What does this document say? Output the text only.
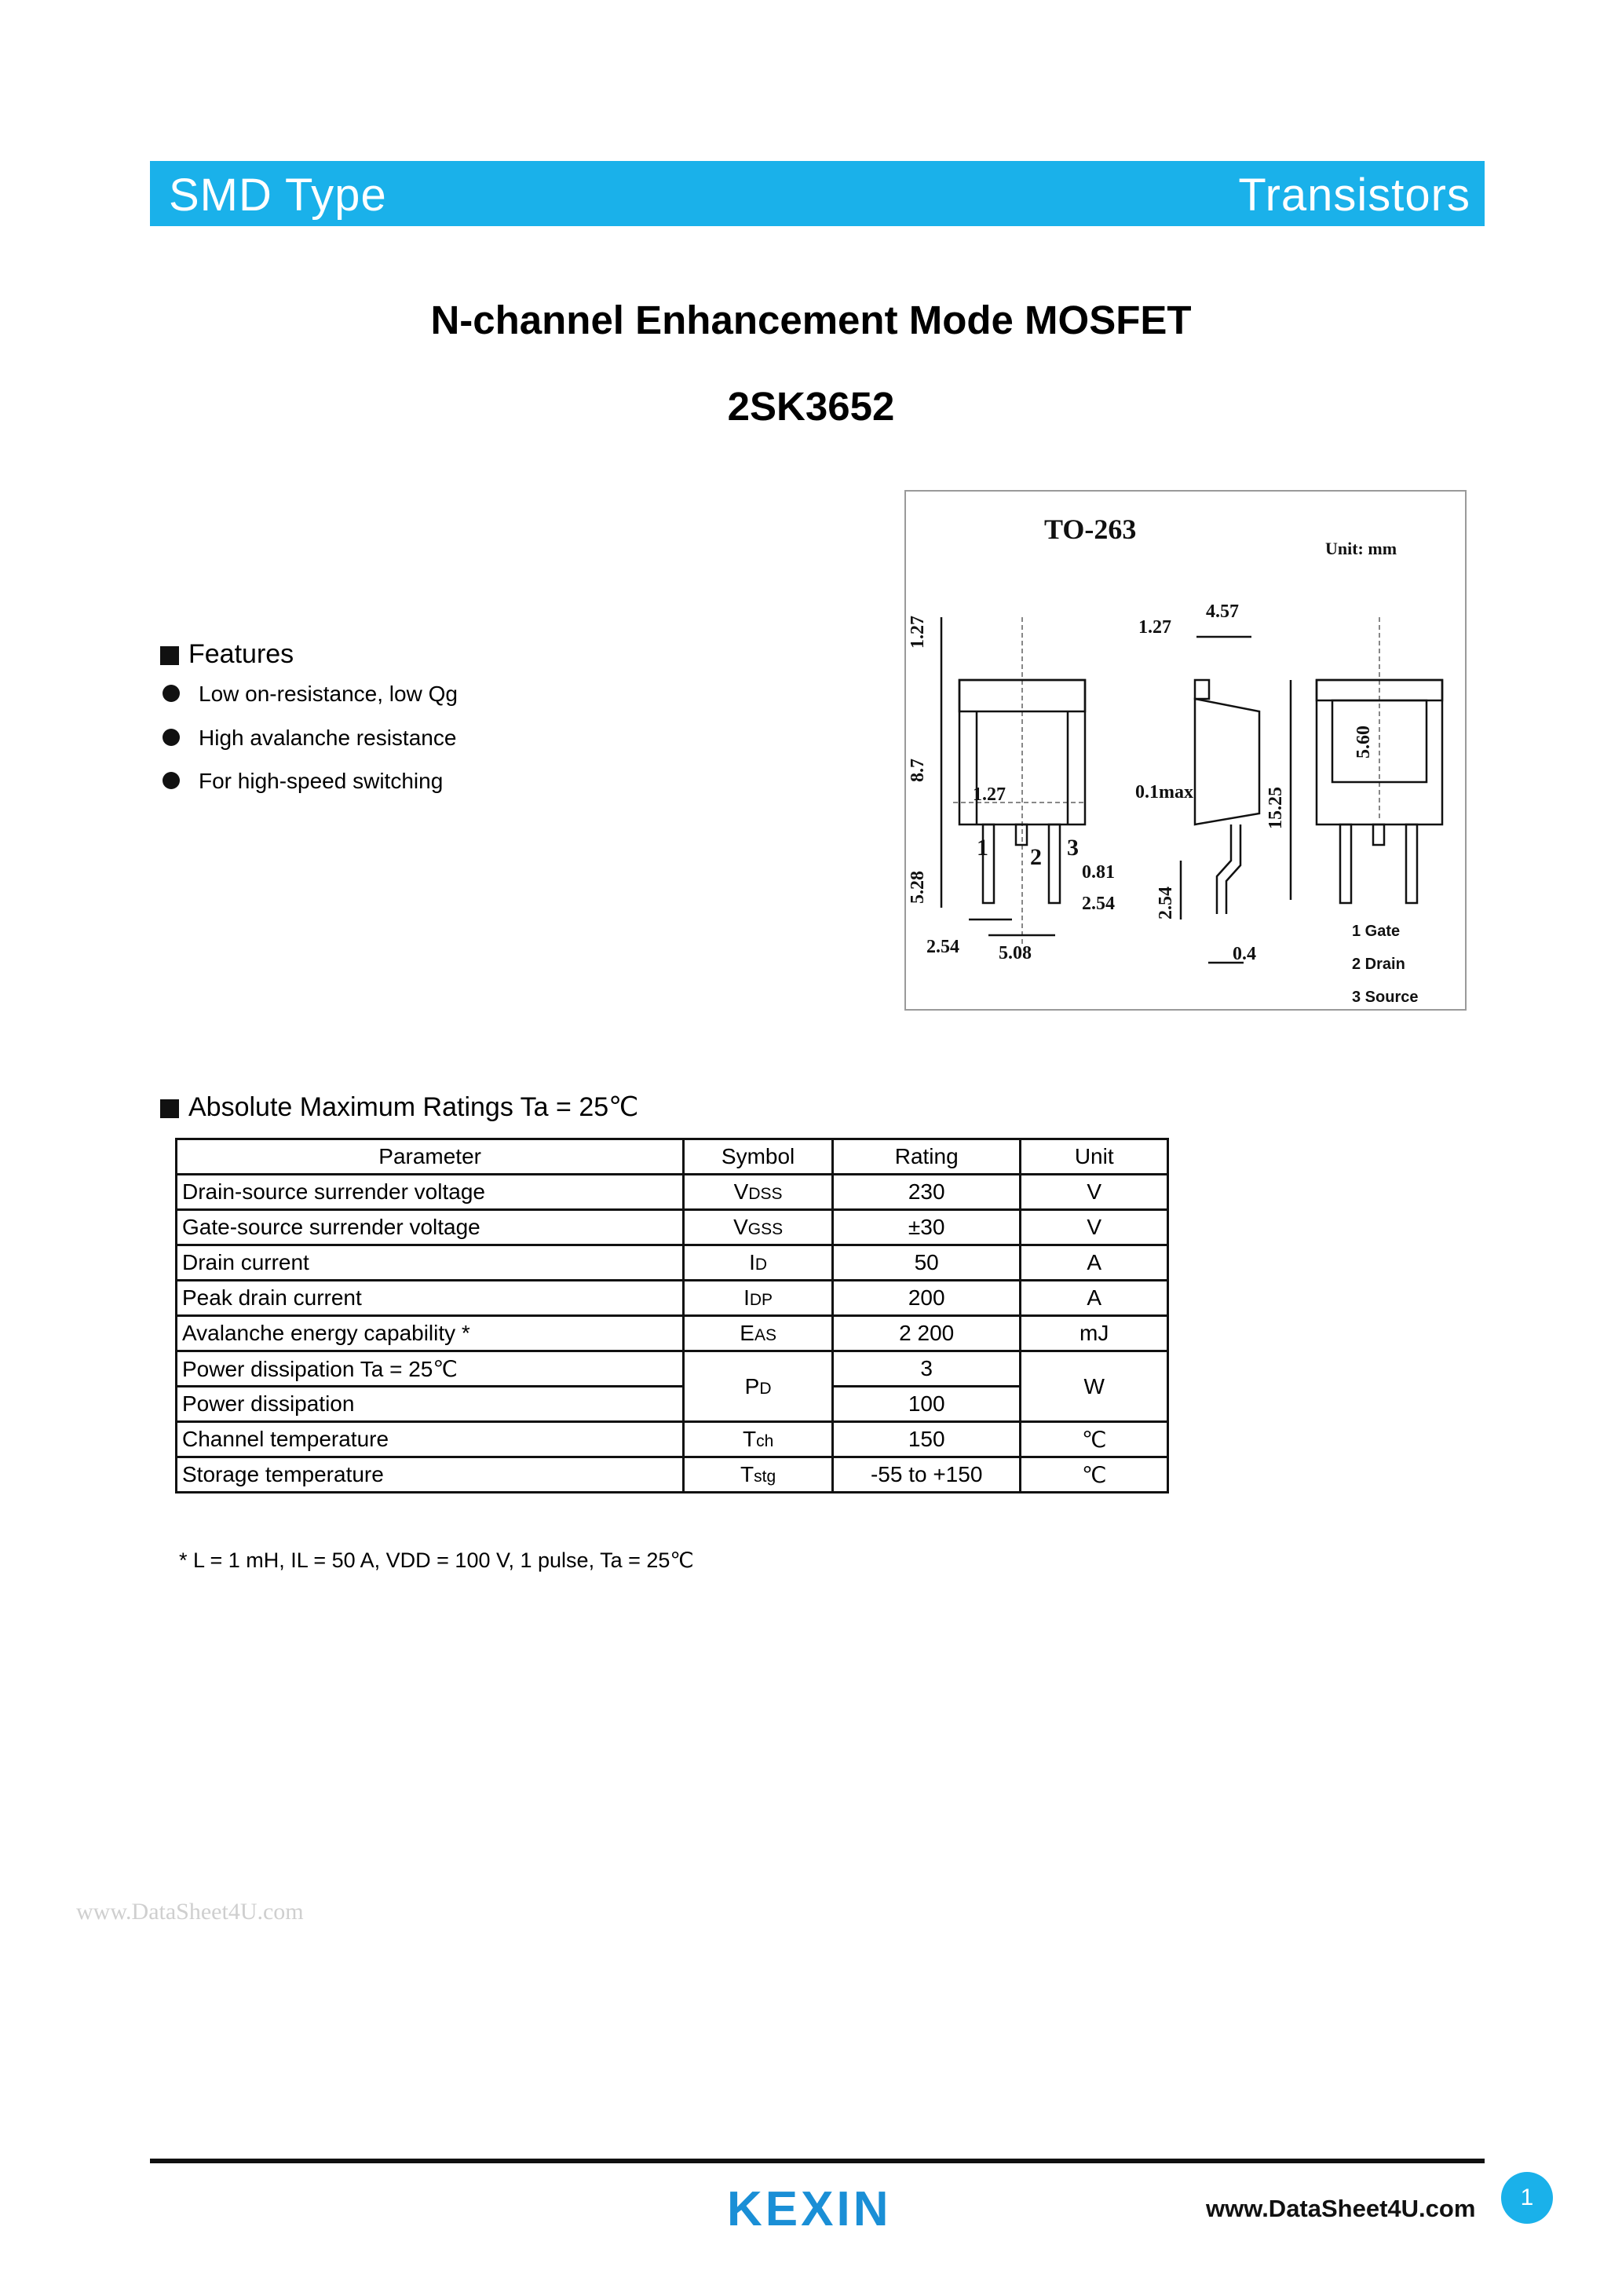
SMD Type	Transistors
N-channel Enhancement Mode MOSFET
2SK3652
TO-263
Unit: mm
1.27
8.7
1.27
5.28
2.54 5.08
0.81
2.54
1.27
4.57
0.1max	15.25
2.54
0.4
5.60
1 2 3
1 Gate
2 Drain
3 Source
Features
Low on-resistance, low Qg
High avalanche resistance
For high-speed switching
Absolute Maximum Ratings Ta = 25℃
Parameter	Symbol	Rating	Unit
Drain-source surrender voltage	VDSS	230	V
Gate-source surrender voltage	VGSS	±30	V
Drain current	ID	50	A
Peak drain current	IDP	200	A
Avalanche energy capability *	EAS	2 200	mJ
Power dissipation Ta = 25℃	PD	3	W
Power dissipation		100	
Channel temperature	Tch	150	℃
Storage temperature	Tstg	-55 to +150	℃
* L = 1 mH, IL = 50 A, VDD = 100 V, 1 pulse, Ta = 25℃
www.DataSheet4U.com
KEXIN	1
www.DataSheet4U.com
